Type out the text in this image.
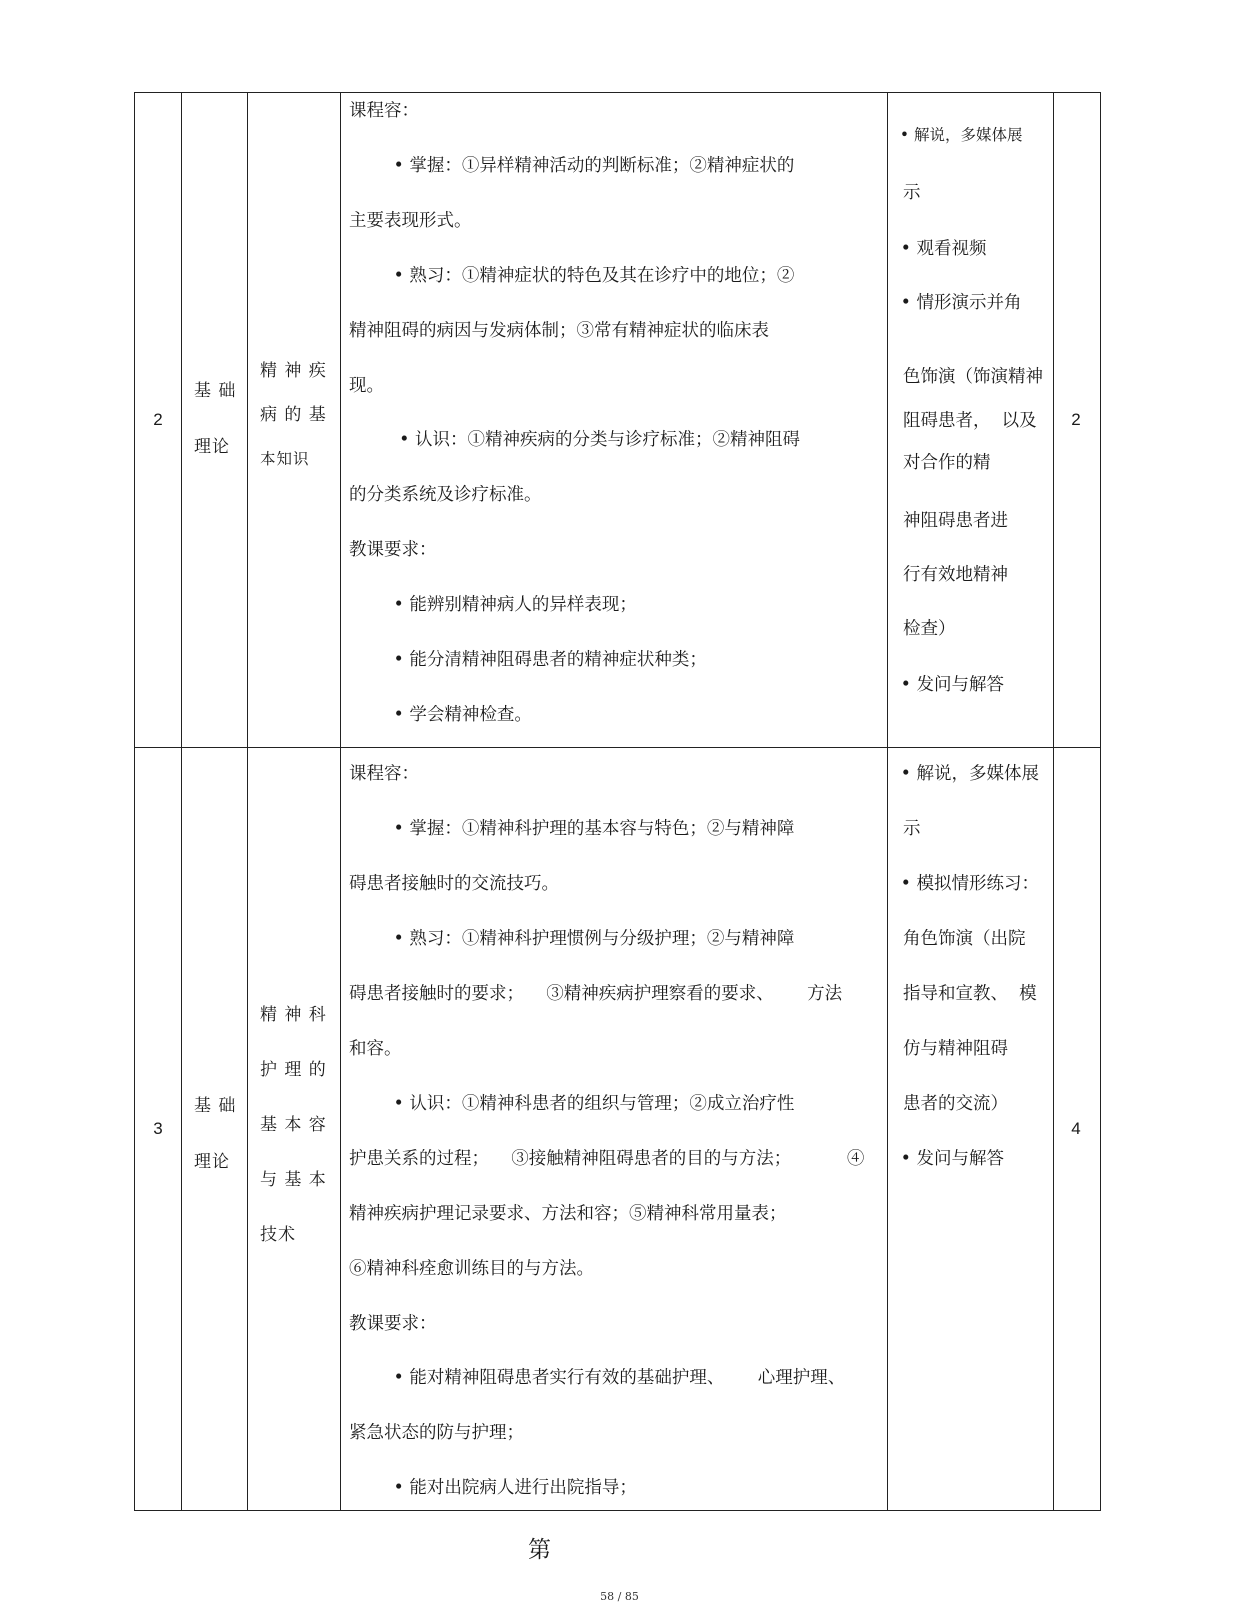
2
基 础
理论
精 神 疾
病 的 基
本知识
课程容：
• 掌握：①异样精神活动的判断标准；②精神症状的
主要表现形式。
• 熟习：①精神症状的特色及其在诊疗中的地位；②
精神阻碍的病因与发病体制；③常有精神症状的临床表
现。
• 认识：①精神疾病的分类与诊疗标准；②精神阻碍
的分类系统及诊疗标准。
教课要求：
• 能辨别精神病人的异样表现；
• 能分清精神阻碍患者的精神症状种类；
• 学会精神检查。
• 解说，多媒体展
示
• 观看视频
• 情形演示并角
色饰演（饰演精神
阻碍患者，  以及
对合作的精
神阻碍患者进
行有效地精神
检查）
• 发问与解答
2
3
基 础
理论
精 神 科
护 理 的
基 本 容
与 基 本
技术
课程容：
• 掌握：①精神科护理的基本容与特色；②与精神障
碍患者接触时的交流技巧。
• 熟习：①精神科护理惯例与分级护理；②与精神障
碍患者接触时的要求；    ③精神疾病护理察看的要求、      方法
和容。
• 认识：①精神科患者的组织与管理；②成立治疗性
护患关系的过程；    ③接触精神阻碍患者的目的与方法；          ④
精神疾病护理记录要求、方法和容；⑤精神科常用量表；
⑥精神科痊愈训练目的与方法。
教课要求：
• 能对精神阻碍患者实行有效的基础护理、      心理护理、
紧急状态的防与护理；
• 能对出院病人进行出院指导；
• 解说，多媒体展
示
• 模拟情形练习：
角色饰演（出院
指导和宣教、  模
仿与精神阻碍
患者的交流）
• 发问与解答
4
第
58 / 85
